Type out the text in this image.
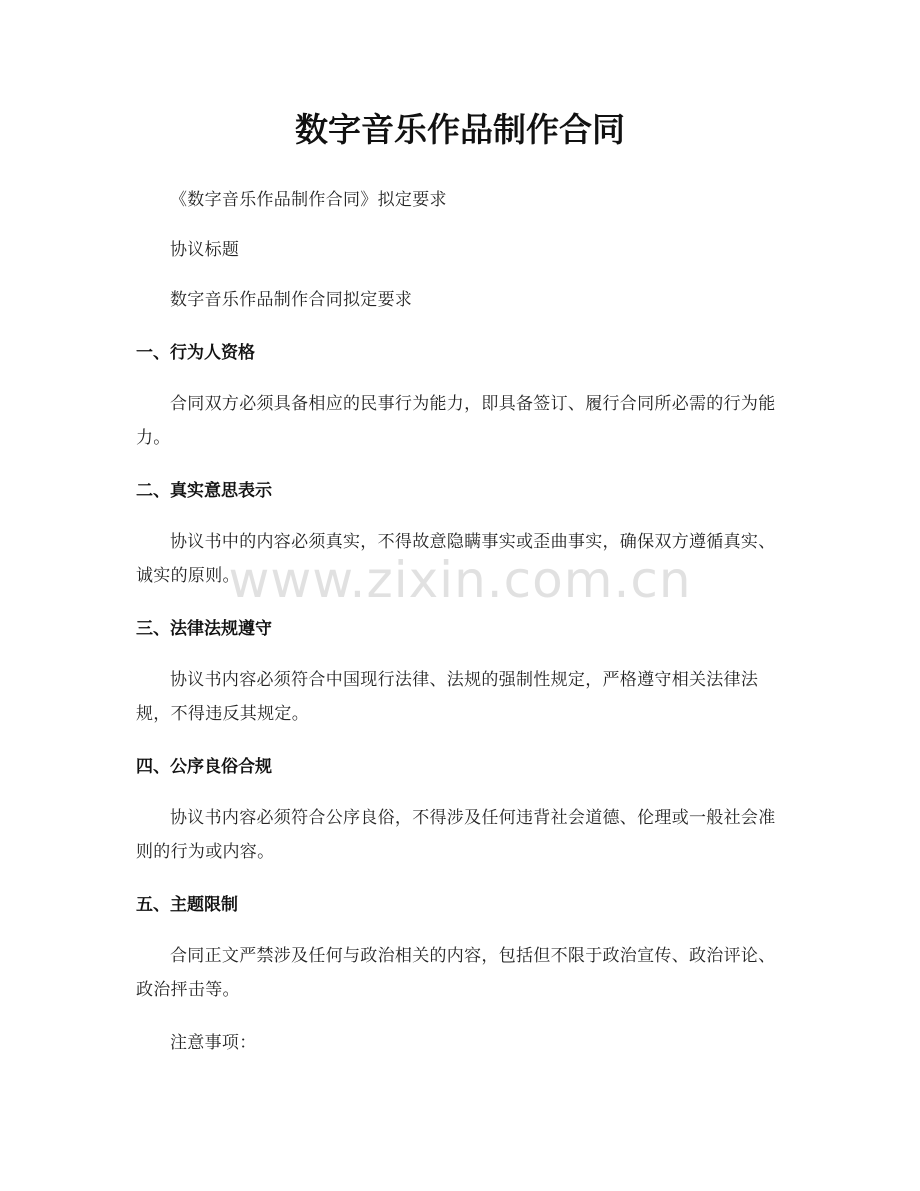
数字音乐作品制作合同
《数字音乐作品制作合同》拟定要求
协议标题
数字音乐作品制作合同拟定要求
一、行为人资格
合同双方必须具备相应的民事行为能力，即具备签订、履行合同所必需的行为能力。
二、真实意思表示
协议书中的内容必须真实，不得故意隐瞒事实或歪曲事实，确保双方遵循真实、诚实的原则。
三、法律法规遵守
协议书内容必须符合中国现行法律、法规的强制性规定，严格遵守相关法律法规，不得违反其规定。
四、公序良俗合规
协议书内容必须符合公序良俗，不得涉及任何违背社会道德、伦理或一般社会准则的行为或内容。
五、主题限制
合同正文严禁涉及任何与政治相关的内容，包括但不限于政治宣传、政治评论、政治抨击等。
注意事项：
www.zixin.com.cn
